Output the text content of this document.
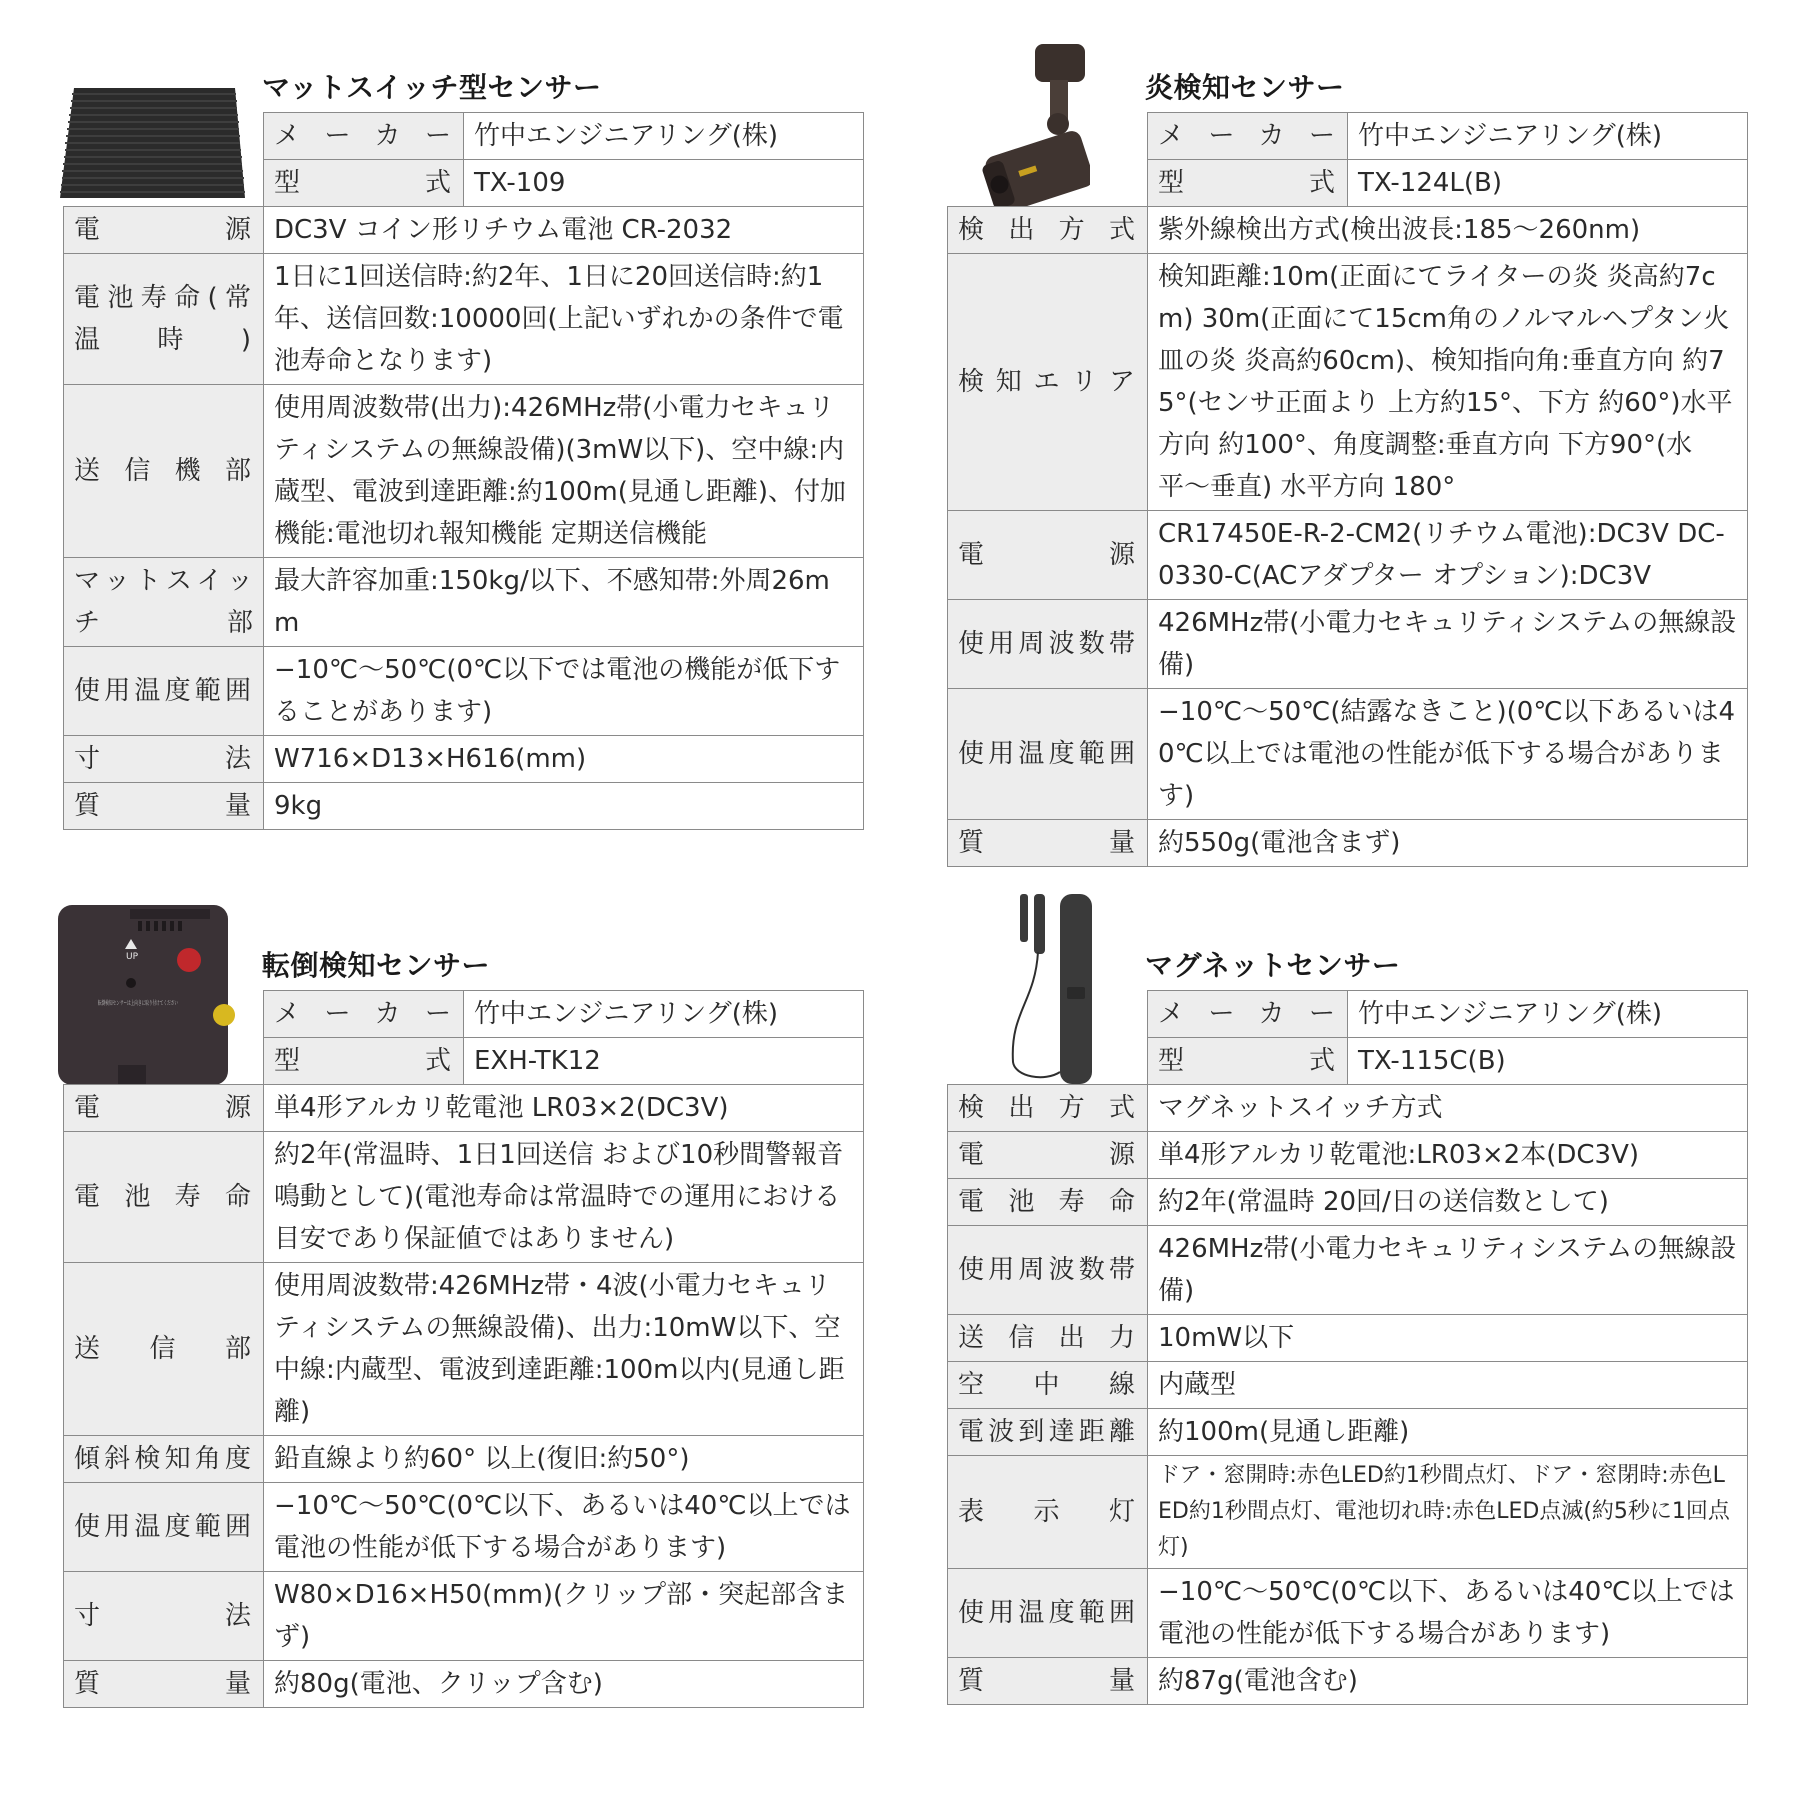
マットスイッチ型センサー
	メーカー	竹中エンジニアリング(株)
	型式	TX-109
電源	DC3V コイン形リチウム電池 CR-2032	
電池寿命(常温時)	1日に1回送信時:約2年、1日に20回送信時:約1年、送信回数:10000回(上記いずれかの条件で電池寿命となります)	
送信機部	使用周波数帯(出力):426MHz帯(小電力セキュリティシステムの無線設備)(3mW以下)、空中線:内蔵型、電波到達距離:約100m(見通し距離)、付加機能:電池切れ報知機能 定期送信機能	
マットスイッチ部	最大許容加重:150kg/以下、不感知帯:外周26mm	
使用温度範囲	−10℃〜50℃(0℃以下では電池の機能が低下することがあります)	
寸法	W716×D13×H616(mm)	
質量	9kg	
炎検知センサー
	メーカー	竹中エンジニアリング(株)
	型式	TX-124L(B)
検出方式	紫外線検出方式(検出波長:185〜260nm)	
検知エリア	検知距離:10m(正面にてライターの炎 炎高約7cm) 30m(正面にて15cm角のノルマルヘプタン火皿の炎 炎高約60cm)、検知指向角:垂直方向 約75°(センサ正面より 上方約15°、下方 約60°)水平方向 約100°、角度調整:垂直方向 下方90°(水平〜垂直) 水平方向 180°	
電源	CR17450E-R-2-CM2(リチウム電池):DC3V DC-0330-C(ACアダプター オプション):DC3V	
使用周波数帯	426MHz帯(小電力セキュリティシステムの無線設備)	
使用温度範囲	−10℃〜50℃(結露なきこと)(0℃以下あるいは40℃以上では電池の性能が低下する場合があります)	
質量	約550g(電池含まず)	
UP
転倒検知センサーは上向きに取り付けてください
転倒検知センサー
	メーカー	竹中エンジニアリング(株)
	型式	EXH-TK12
電源	単4形アルカリ乾電池 LR03×2(DC3V)	
電池寿命	約2年(常温時、1日1回送信 および10秒間警報音鳴動として)(電池寿命は常温時での運用における目安であり保証値ではありません)	
送信部	使用周波数帯:426MHz帯・4波(小電力セキュリティシステムの無線設備)、出力:10mW以下、空中線:内蔵型、電波到達距離:100m以内(見通し距離)	
傾斜検知角度	鉛直線より約60° 以上(復旧:約50°)	
使用温度範囲	−10℃〜50℃(0℃以下、あるいは40℃以上では電池の性能が低下する場合があります)	
寸法	W80×D16×H50(mm)(クリップ部・突起部含まず)	
質量	約80g(電池、クリップ含む)	
マグネットセンサー
	メーカー	竹中エンジニアリング(株)
	型式	TX-115C(B)
検出方式	マグネットスイッチ方式	
電源	単4形アルカリ乾電池:LR03×2本(DC3V)	
電池寿命	約2年(常温時 20回/日の送信数として)	
使用周波数帯	426MHz帯(小電力セキュリティシステムの無線設備)	
送信出力	10mW以下	
空中線	内蔵型	
電波到達距離	約100m(見通し距離)	
表示灯	ドア・窓開時:赤色LED約1秒間点灯、ドア・窓閉時:赤色LED約1秒間点灯、電池切れ時:赤色LED点滅(約5秒に1回点灯)	
使用温度範囲	−10℃〜50℃(0℃以下、あるいは40℃以上では電池の性能が低下する場合があります)	
質量	約87g(電池含む)	
